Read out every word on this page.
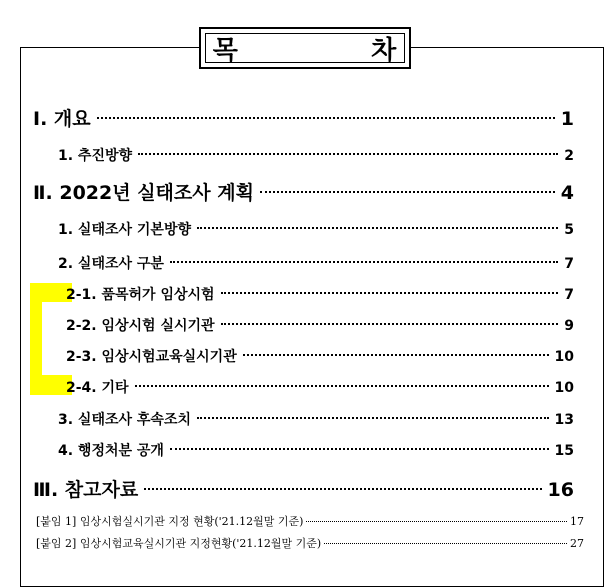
목   차
Ⅰ. 개요	1
1. 추진방향	2
Ⅱ. 2022년 실태조사 계획	4
1. 실태조사 기본방향	5
2. 실태조사 구분	7
2-1. 품목허가 임상시험	7
2-2. 임상시험 실시기관	9
2-3. 임상시험교육실시기관	10
2-4. 기타	10
3. 실태조사 후속조치	13
4. 행정처분 공개	15
Ⅲ. 참고자료	16
[붙임 1] 임상시험실시기관 지정 현황('21.12월말 기준)	17
[붙임 2] 임상시험교육실시기관 지정현황('21.12월말 기준)	27
